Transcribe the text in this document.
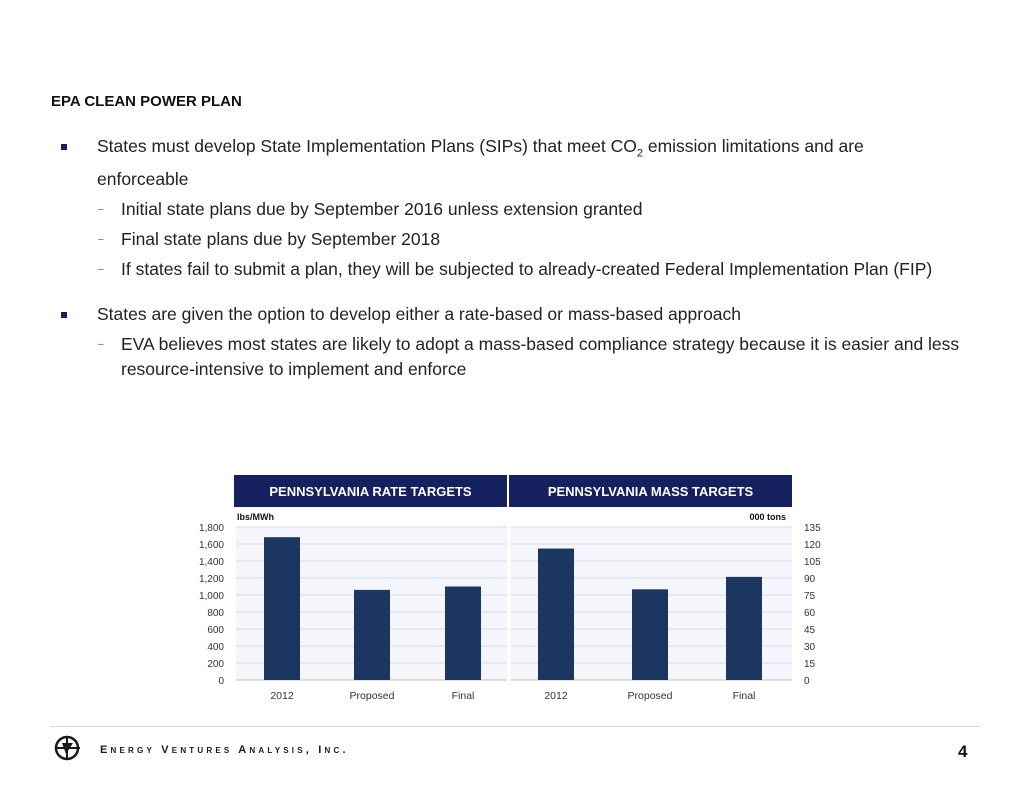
EPA CLEAN POWER PLAN
States must develop State Implementation Plans (SIPs) that meet $CO_2$ emission limitations and are enforceable
– Initial state plans due by September 2016 unless extension granted
– Final state plans due by September 2018
– If states fail to submit a plan, they will be subjected to already-created Federal Implementation Plan (FIP)
States are given the option to develop either a rate-based or mass-based approach
– EVA believes most states are likely to adopt a mass-based compliance strategy because it is easier and less resource-intensive to implement and enforce
PENNSYLVANIA RATE TARGETS	PENNSYLVANIA MASS TARGETS
0
200
400
600
800
1,000
1,200
1,400
1,600
1,800
lbs/MWh
2012	Proposed	Final
0
15
30
45
60
75
90
105
120
135
000 tons
2012	Proposed	Final
Energy Ventures Analysis, Inc.	4
